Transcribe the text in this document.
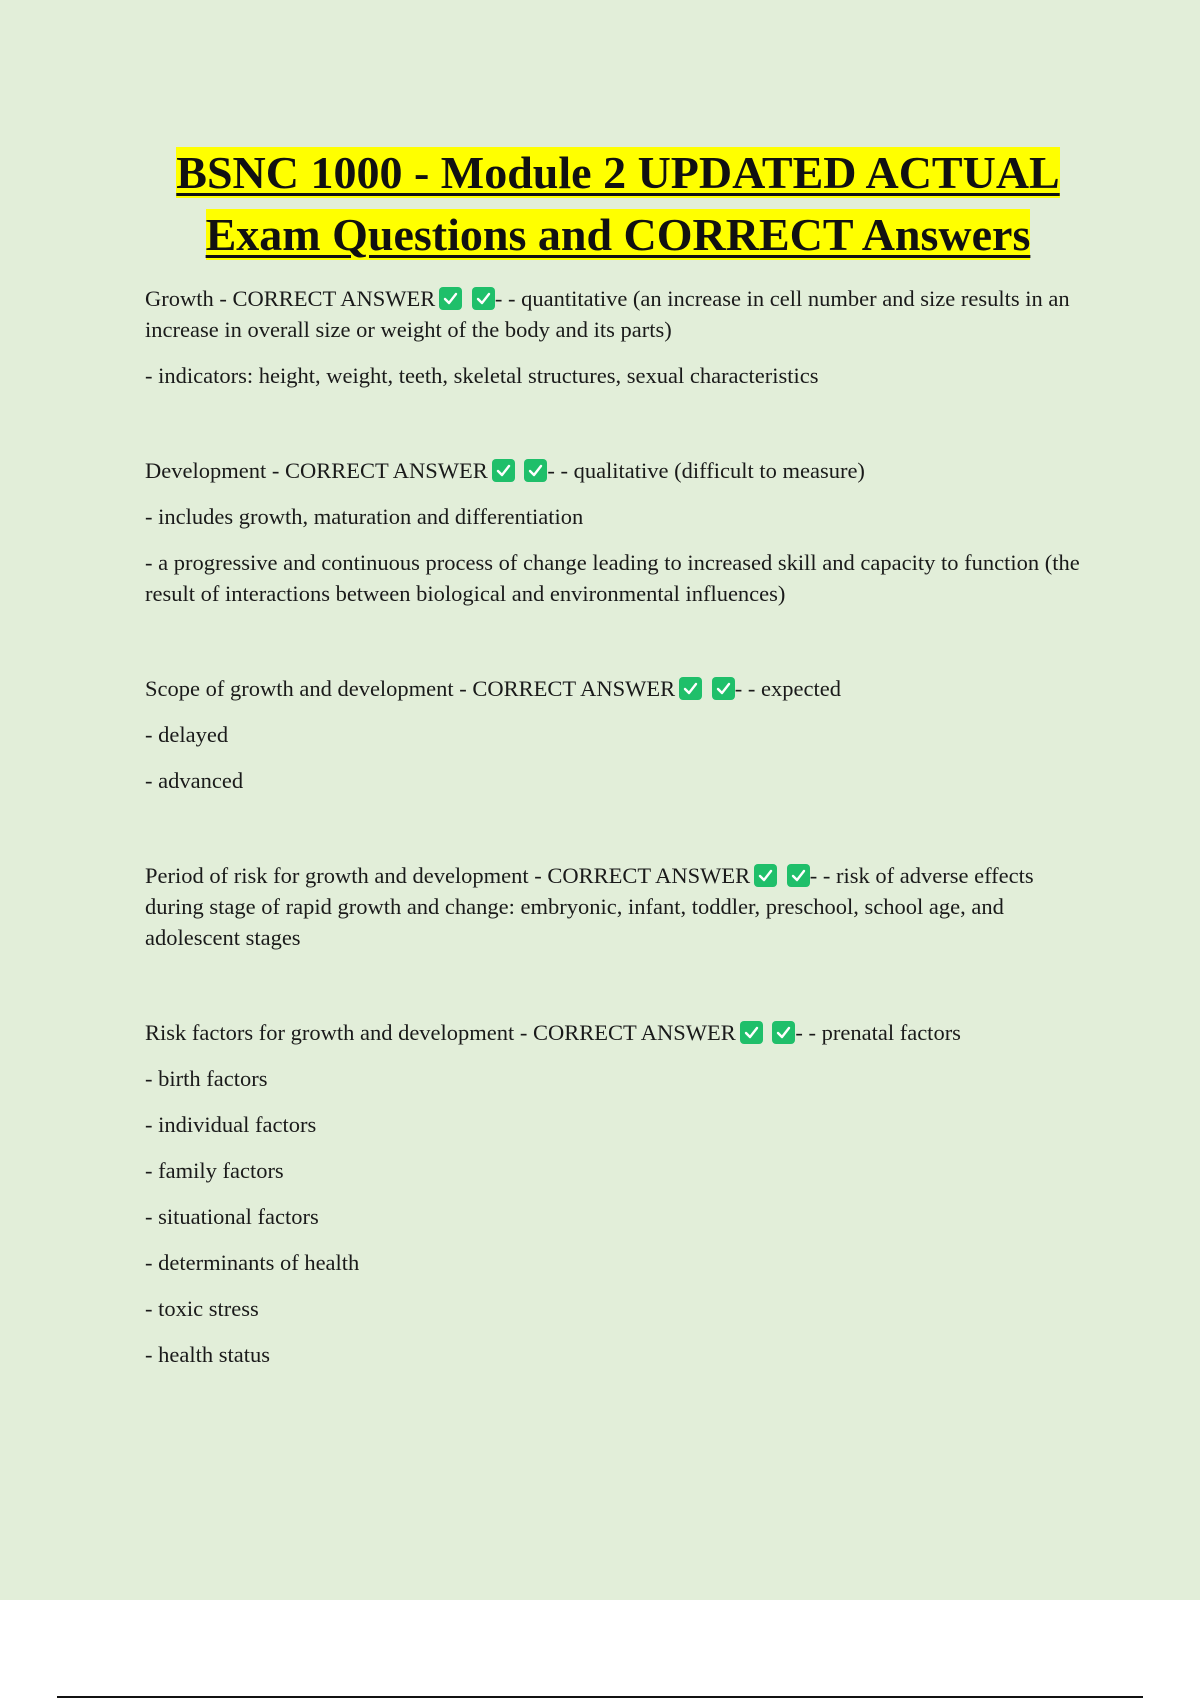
BSNC 1000 - Module 2 UPDATED ACTUAL
Exam Questions and CORRECT Answers

Growth - CORRECT ANSWER
	- - quantitative (an increase in cell number and size results in an increase in overall size or weight of the body and its parts)

- indicators: height, weight, teeth, skeletal structures, sexual characteristics

Development - CORRECT ANSWER
	- - qualitative (difficult to measure)

- includes growth, maturation and differentiation

- a progressive and continuous process of change leading to increased skill and capacity to function (the result of interactions between biological and environmental influences)

Scope of growth and development - CORRECT ANSWER
	- - expected

- delayed

- advanced

Period of risk for growth and development - CORRECT ANSWER
	- - risk of adverse effects during stage of rapid growth and change: embryonic, infant, toddler, preschool, school age, and adolescent stages

Risk factors for growth and development - CORRECT ANSWER
	- - prenatal factors

- birth factors

- individual factors

- family factors

- situational factors

- determinants of health

- toxic stress

- health status
